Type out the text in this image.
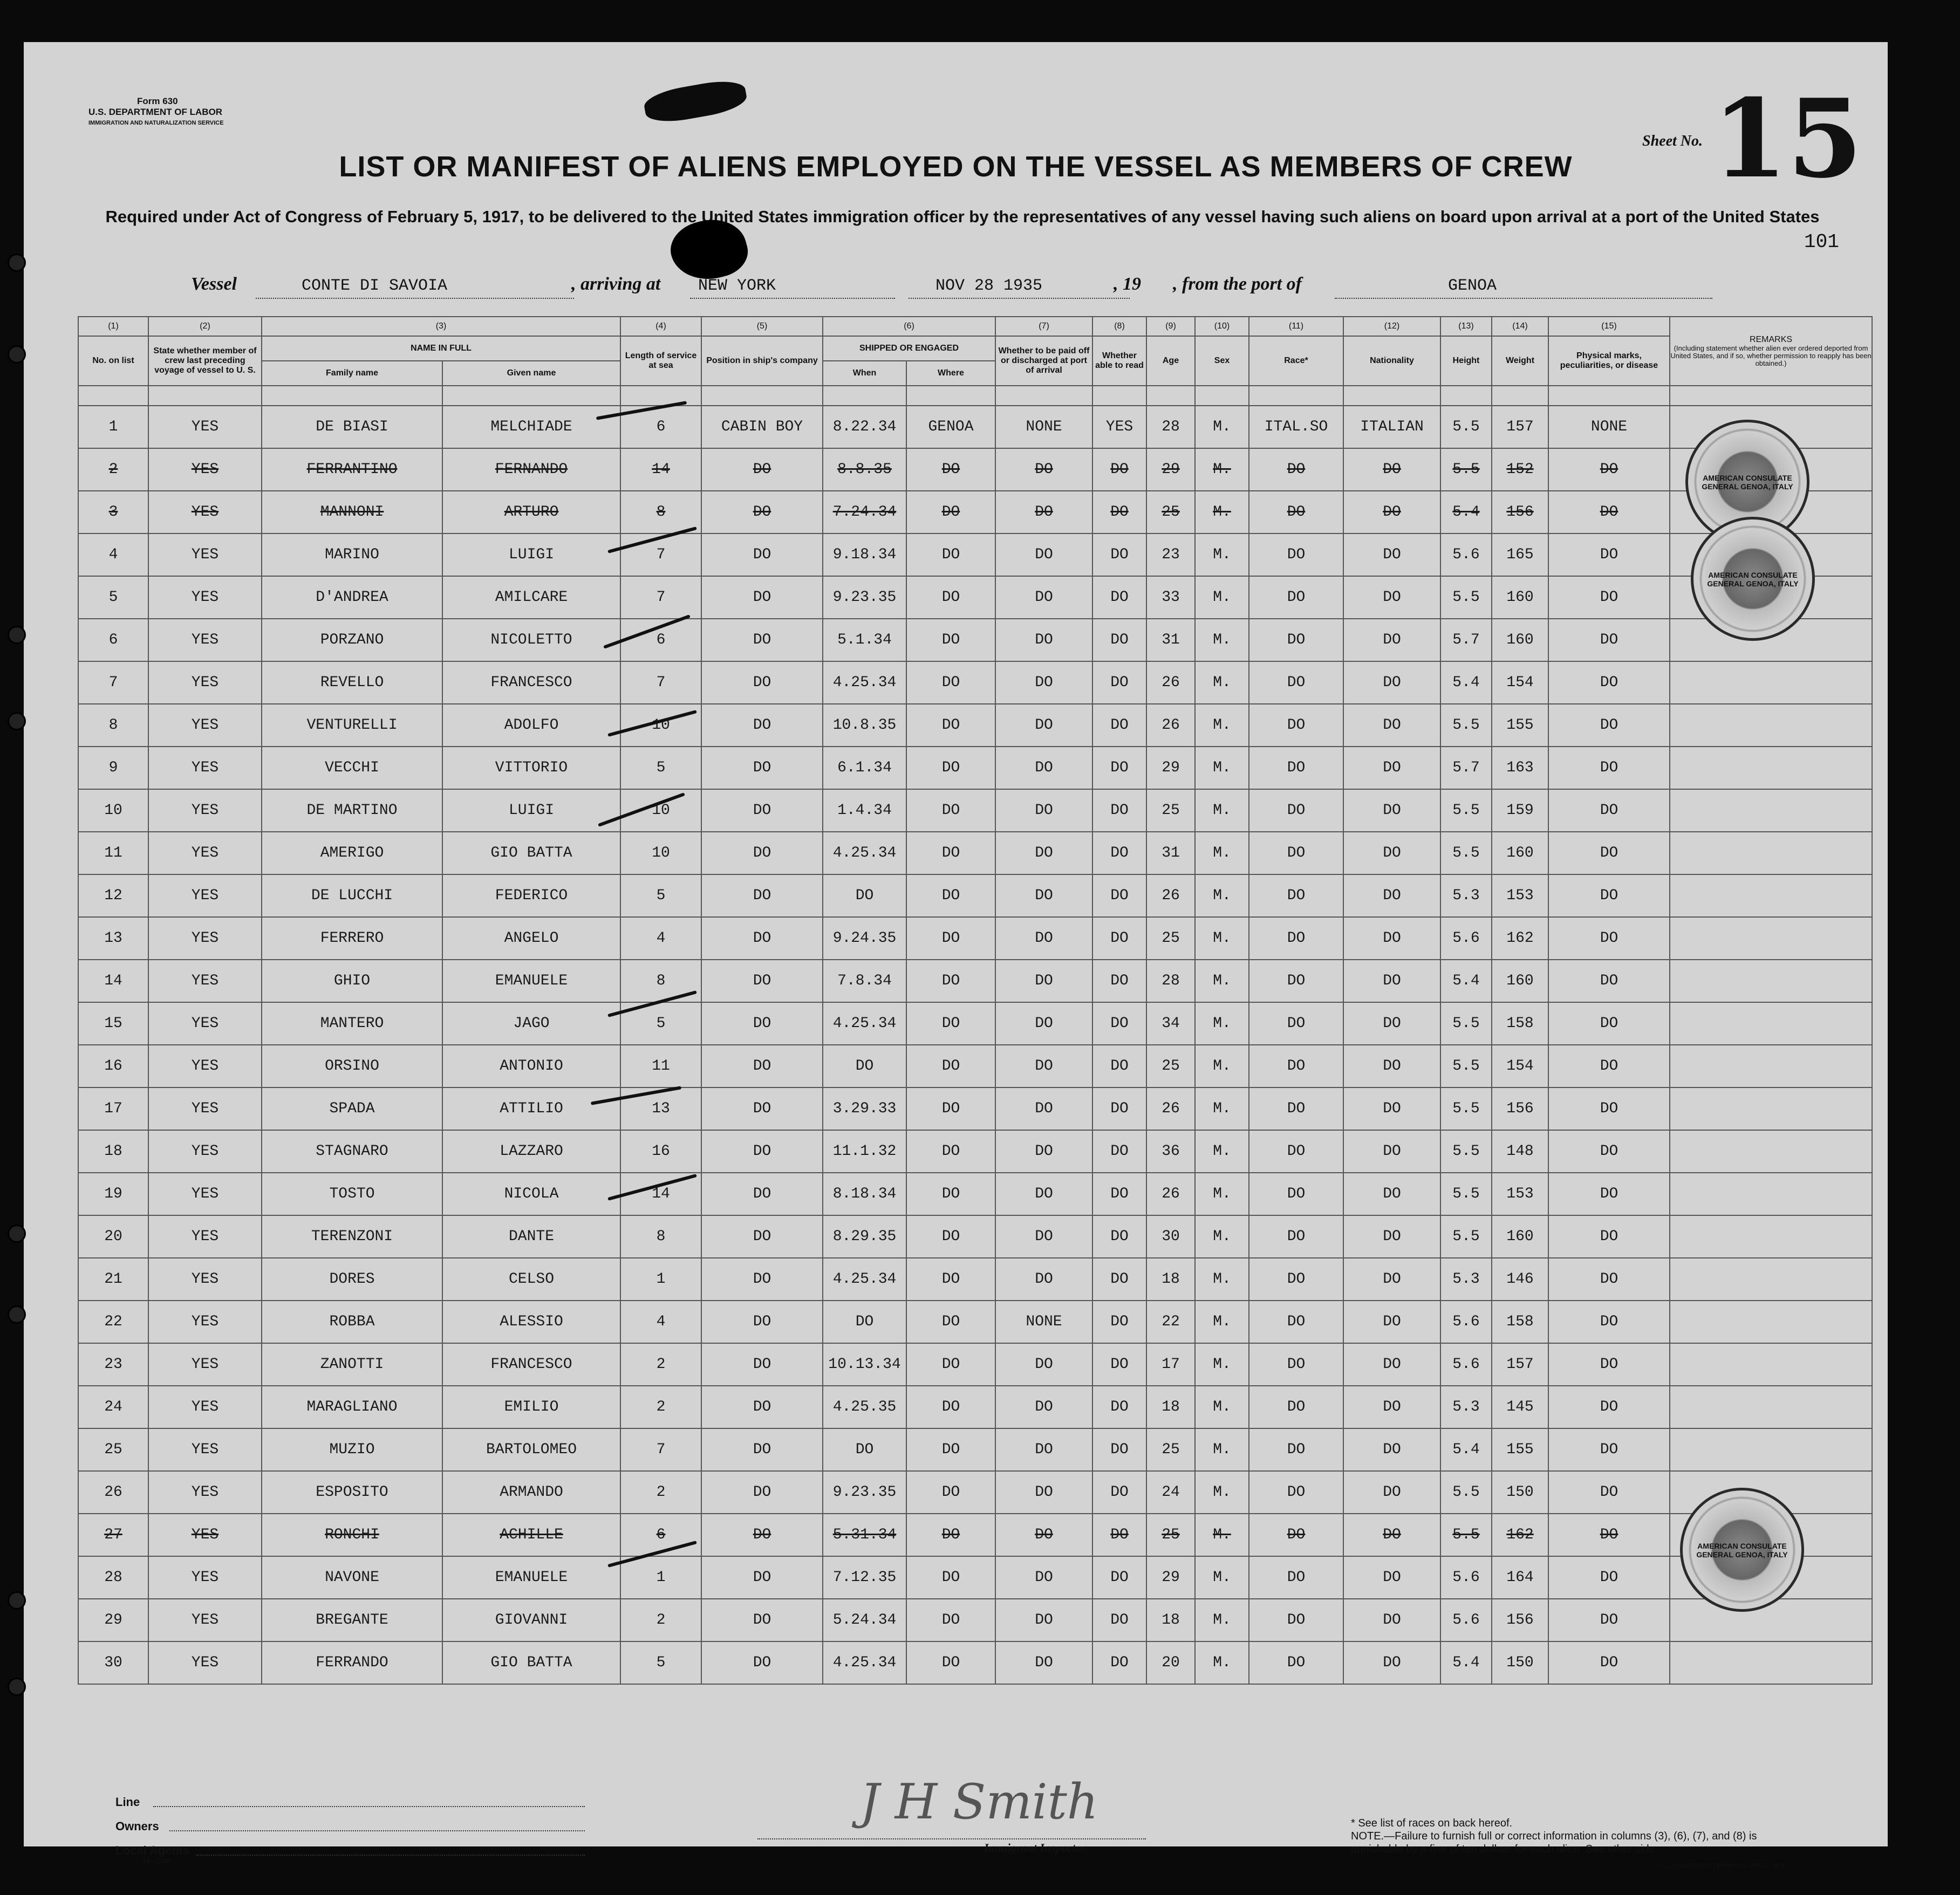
Form 630
U.S. DEPARTMENT OF LABOR
IMMIGRATION AND NATURALIZATION SERVICE
LIST OR MANIFEST OF ALIENS EMPLOYED ON THE VESSEL AS MEMBERS OF CREW
Sheet No. 15
Required under Act of Congress of February 5, 1917, to be delivered to the United States immigration officer by the representatives of any vessel having such aliens on board upon arrival at a port of the United States
101
Vessel	CONTE DI SAVOIA	, arriving at NEW YORK	NOV 28 1935	, 19 , from the port of	GENOA
(1)	(2)	(3)		(4)	(5)	(6)		(7)	(8)	(9)	(10)	(11)	(12)	(13)	(14)	(15)	REMARKS
(Including statement whether alien ever ordered deported from United States, and if so, whether permission to reapply has been obtained.)

No. on list	State whether member of crew last preceding voyage of vessel to U. S.	NAME IN FULL		Length of service at sea	Position in ship's company	SHIPPED OR ENGAGED		Whether to be paid off or discharged at port of arrival	Whether able to read	Age	Sex	Race*	Nationality	Height	Weight	Physical marks, peculiarities, or disease	
		Family name	Given name			When	Where										

1	YES	DE BIASI	MELCHIADE	6	CABIN BOY	8.22.34	GENOA	NONE	YES	28	M.	ITAL.SO	ITALIAN	5.5	157	NONE	
2	YES	FERRANTINO	FERNANDO	14	DO	8.8.35	DO	DO	DO	29	M.	DO	DO	5.5	152	DO	
3	YES	MANNONI	ARTURO	8	DO	7.24.34	DO	DO	DO	25	M.	DO	DO	5.4	156	DO	
4	YES	MARINO	LUIGI	7	DO	9.18.34	DO	DO	DO	23	M.	DO	DO	5.6	165	DO	
5	YES	D'ANDREA	AMILCARE	7	DO	9.23.35	DO	DO	DO	33	M.	DO	DO	5.5	160	DO	
6	YES	PORZANO	NICOLETTO	6	DO	5.1.34	DO	DO	DO	31	M.	DO	DO	5.7	160	DO	
7	YES	REVELLO	FRANCESCO	7	DO	4.25.34	DO	DO	DO	26	M.	DO	DO	5.4	154	DO	
8	YES	VENTURELLI	ADOLFO	10	DO	10.8.35	DO	DO	DO	26	M.	DO	DO	5.5	155	DO	
9	YES	VECCHI	VITTORIO	5	DO	6.1.34	DO	DO	DO	29	M.	DO	DO	5.7	163	DO	
10	YES	DE MARTINO	LUIGI	10	DO	1.4.34	DO	DO	DO	25	M.	DO	DO	5.5	159	DO	
11	YES	AMERIGO	GIO BATTA	10	DO	4.25.34	DO	DO	DO	31	M.	DO	DO	5.5	160	DO	
12	YES	DE LUCCHI	FEDERICO	5	DO	DO	DO	DO	DO	26	M.	DO	DO	5.3	153	DO	
13	YES	FERRERO	ANGELO	4	DO	9.24.35	DO	DO	DO	25	M.	DO	DO	5.6	162	DO	
14	YES	GHIO	EMANUELE	8	DO	7.8.34	DO	DO	DO	28	M.	DO	DO	5.4	160	DO	
15	YES	MANTERO	JAGO	5	DO	4.25.34	DO	DO	DO	34	M.	DO	DO	5.5	158	DO	
16	YES	ORSINO	ANTONIO	11	DO	DO	DO	DO	DO	25	M.	DO	DO	5.5	154	DO	
17	YES	SPADA	ATTILIO	13	DO	3.29.33	DO	DO	DO	26	M.	DO	DO	5.5	156	DO	
18	YES	STAGNARO	LAZZARO	16	DO	11.1.32	DO	DO	DO	36	M.	DO	DO	5.5	148	DO	
19	YES	TOSTO	NICOLA	14	DO	8.18.34	DO	DO	DO	26	M.	DO	DO	5.5	153	DO	
20	YES	TERENZONI	DANTE	8	DO	8.29.35	DO	DO	DO	30	M.	DO	DO	5.5	160	DO	
21	YES	DORES	CELSO	1	DO	4.25.34	DO	DO	DO	18	M.	DO	DO	5.3	146	DO	
22	YES	ROBBA	ALESSIO	4	DO	DO	DO	NONE	DO	22	M.	DO	DO	5.6	158	DO	
23	YES	ZANOTTI	FRANCESCO	2	DO	10.13.34	DO	DO	DO	17	M.	DO	DO	5.6	157	DO	
24	YES	MARAGLIANO	EMILIO	2	DO	4.25.35	DO	DO	DO	18	M.	DO	DO	5.3	145	DO	
25	YES	MUZIO	BARTOLOMEO	7	DO	DO	DO	DO	DO	25	M.	DO	DO	5.4	155	DO	
26	YES	ESPOSITO	ARMANDO	2	DO	9.23.35	DO	DO	DO	24	M.	DO	DO	5.5	150	DO	
27	YES	RONCHI	ACHILLE	6	DO	5.31.34	DO	DO	DO	25	M.	DO	DO	5.5	162	DO	
28	YES	NAVONE	EMANUELE	1	DO	7.12.35	DO	DO	DO	29	M.	DO	DO	5.6	164	DO	
29	YES	BREGANTE	GIOVANNI	2	DO	5.24.34	DO	DO	DO	18	M.	DO	DO	5.6	156	DO	
30	YES	FERRANDO	GIO BATTA	5	DO	4.25.34	DO	DO	DO	20	M.	DO	DO	5.4	150	DO	
AMERICAN CONSULATE GENERAL GENOA, ITALY
AMERICAN CONSULATE GENERAL GENOA, ITALY
AMERICAN CONSULATE GENERAL GENOA, ITALY
Line
Owners
Local Agents
14—1240
J H Smith
Immigrant Inspector.
* See list of races on back hereof.
NOTE.—Failure to furnish full or correct information in columns (3), (6), (7), and (8) is punishable by a fine of ten dollars for each alien. See other side.
U. S. GOVERNMENT PRINTING OFFICE: 1935
